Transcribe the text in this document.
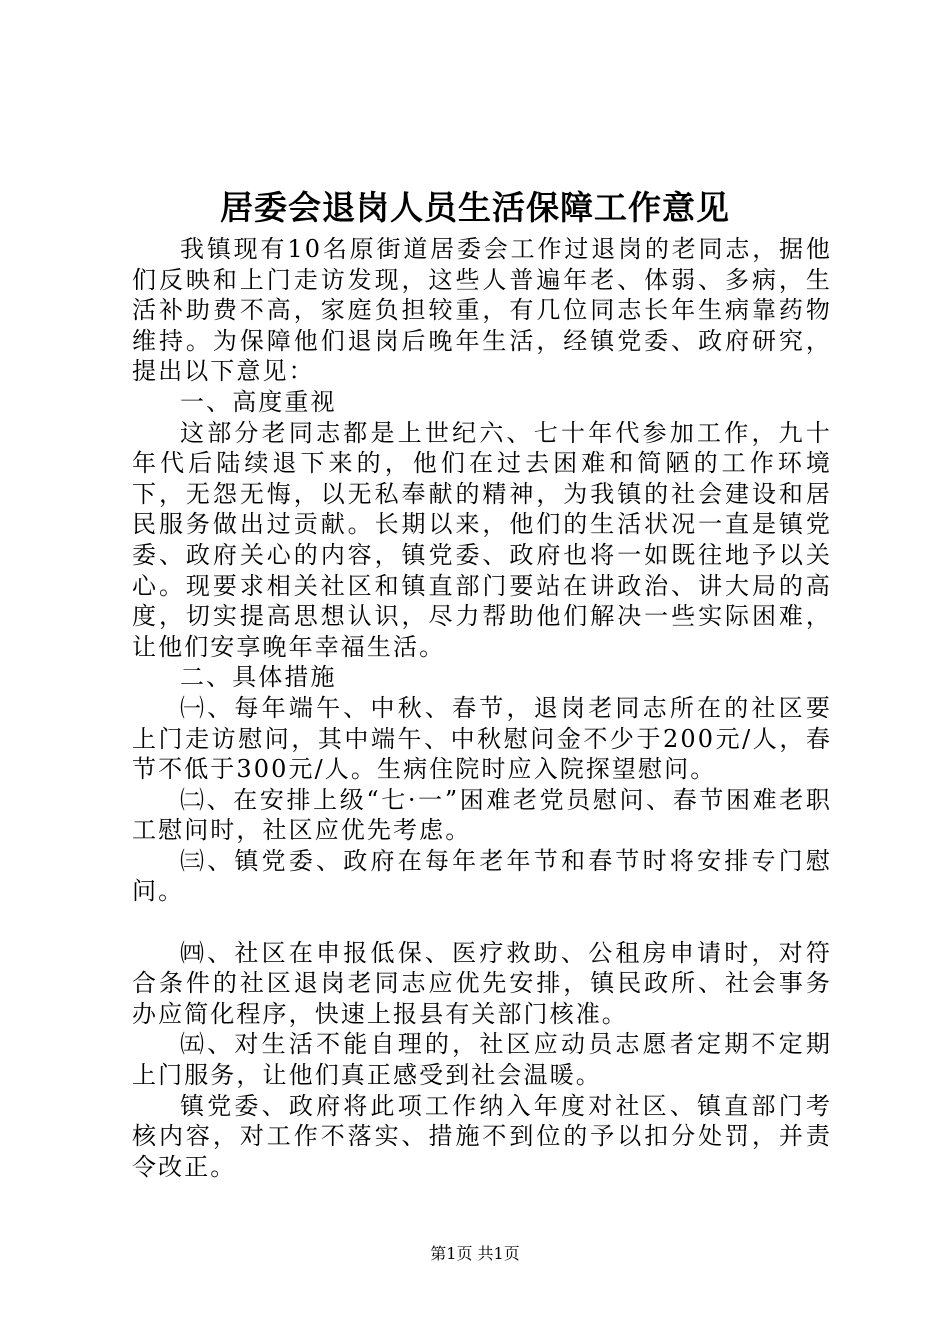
居委会退岗人员生活保障工作意见

我镇现有10名原街道居委会工作过退岗的老同志，据他们反映和上门走访发现，这些人普遍年老、体弱、多病，生活补助费不高，家庭负担较重，有几位同志长年生病靠药物维持。为保障他们退岗后晚年生活，经镇党委、政府研究，提出以下意见：

一、高度重视

这部分老同志都是上世纪六、七十年代参加工作，九十年代后陆续退下来的，他们在过去困难和简陋的工作环境下，无怨无悔，以无私奉献的精神，为我镇的社会建设和居民服务做出过贡献。长期以来，他们的生活状况一直是镇党委、政府关心的内容，镇党委、政府也将一如既往地予以关心。现要求相关社区和镇直部门要站在讲政治、讲大局的高度，切实提高思想认识，尽力帮助他们解决一些实际困难，让他们安享晚年幸福生活。

二、具体措施

㈠、每年端午、中秋、春节，退岗老同志所在的社区要上门走访慰问，其中端午、中秋慰问金不少于200元/人，春节不低于300元/人。生病住院时应入院探望慰问。

㈡、在安排上级“七·一”困难老党员慰问、春节困难老职工慰问时，社区应优先考虑。

㈢、镇党委、政府在每年老年节和春节时将安排专门慰问。

㈣、社区在申报低保、医疗救助、公租房申请时，对符合条件的社区退岗老同志应优先安排，镇民政所、社会事务办应简化程序，快速上报县有关部门核准。

㈤、对生活不能自理的，社区应动员志愿者定期不定期上门服务，让他们真正感受到社会温暖。

镇党委、政府将此项工作纳入年度对社区、镇直部门考核内容，对工作不落实、措施不到位的予以扣分处罚，并责令改正。

第1页 共1页
